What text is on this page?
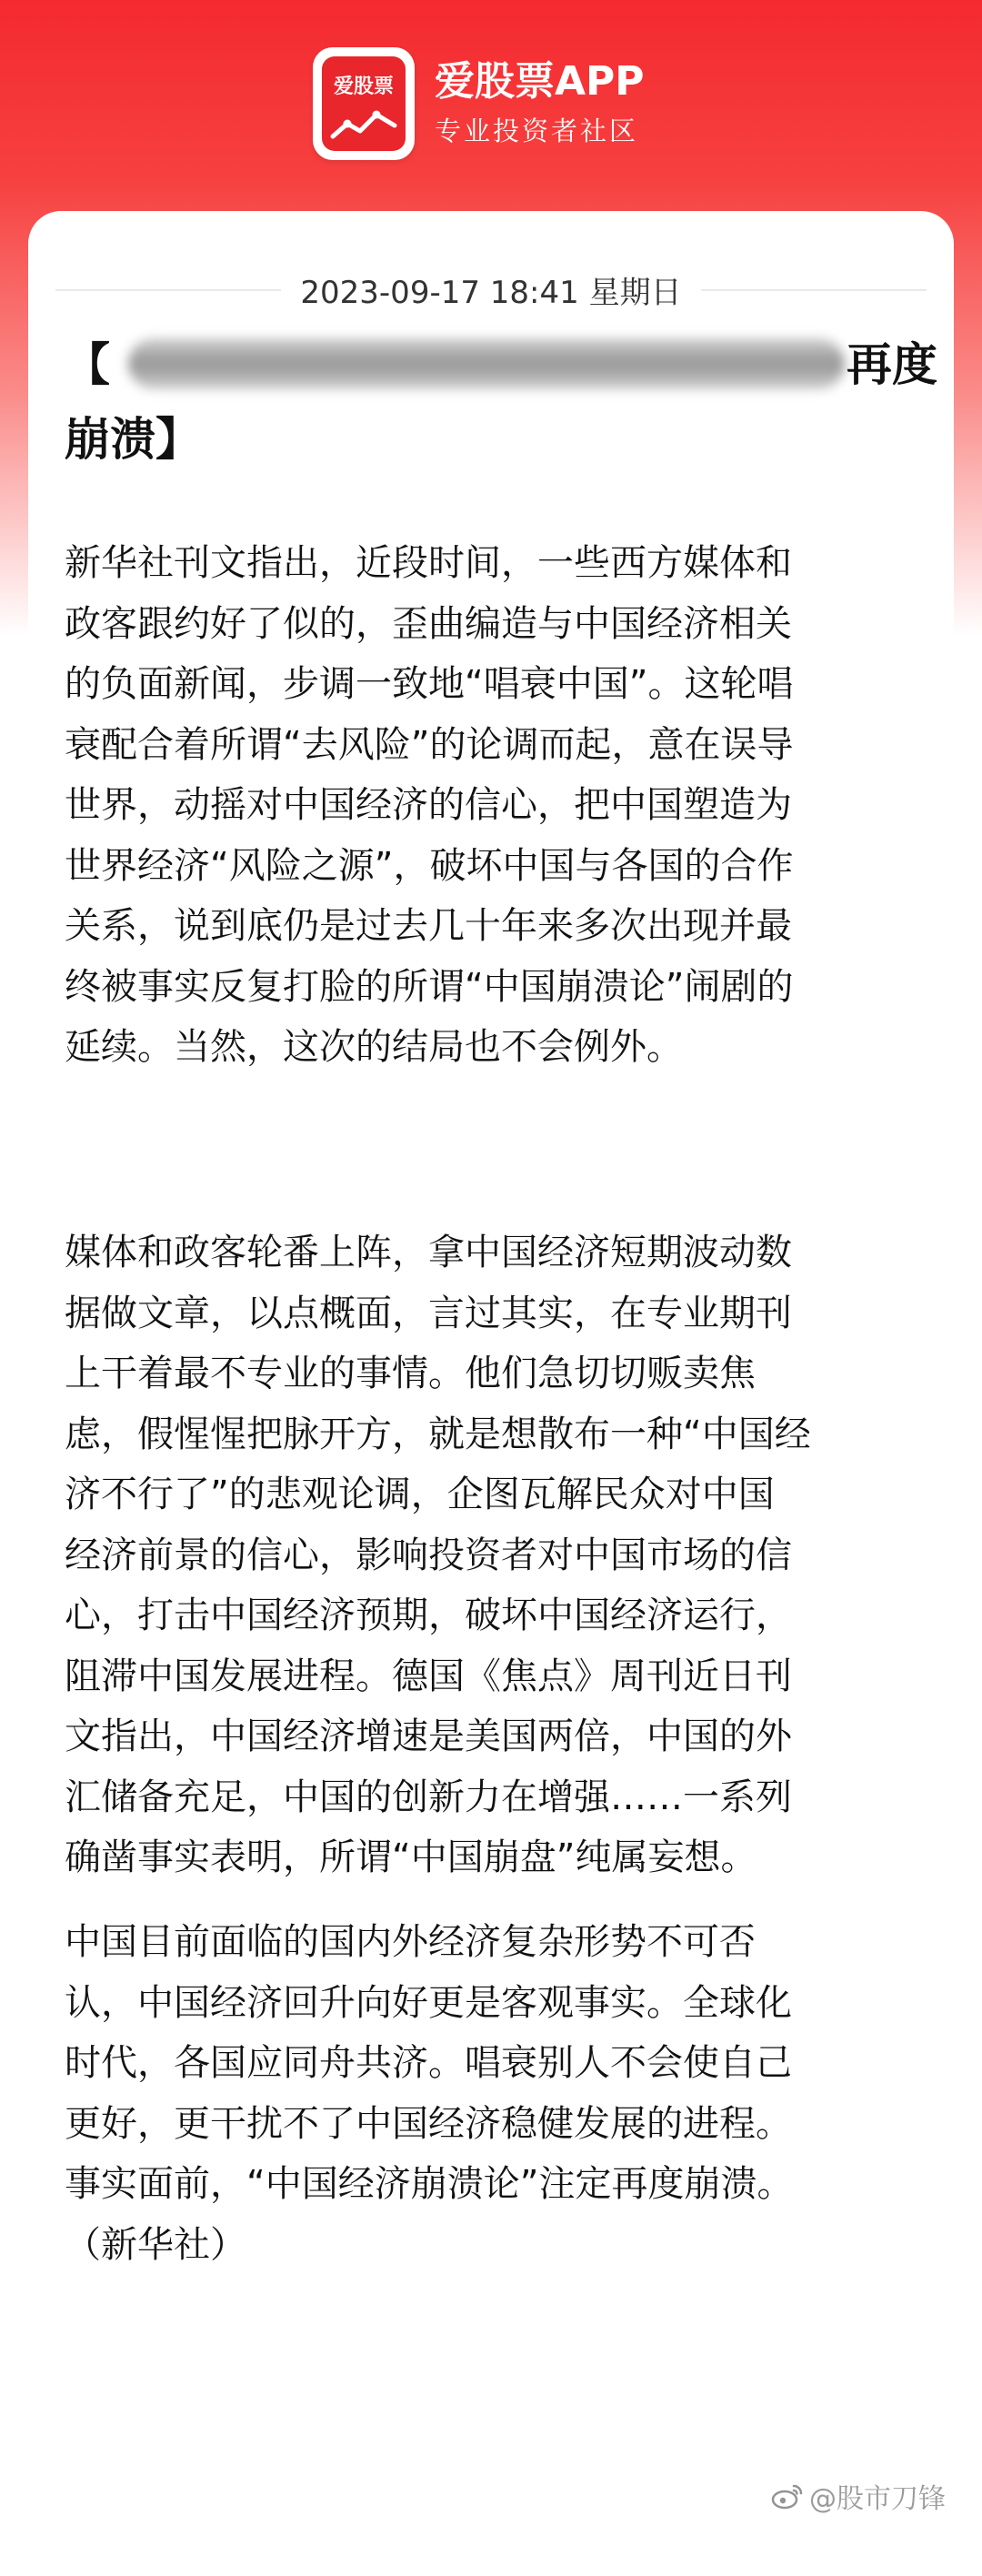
爱股票 爱股票APP
专业投资者社区
2023-09-17 18:41 星期日
【	再度
崩溃】

新华社刊文指出，近段时间，一些西方媒体和
政客跟约好了似的，歪曲编造与中国经济相关
的负面新闻，步调一致地“唱衰中国”。这轮唱
衰配合着所谓“去风险”的论调而起，意在误导
世界，动摇对中国经济的信心，把中国塑造为
世界经济“风险之源”，破坏中国与各国的合作
关系，说到底仍是过去几十年来多次出现并最
终被事实反复打脸的所谓“中国崩溃论”闹剧的
延续。当然，这次的结局也不会例外。

媒体和政客轮番上阵，拿中国经济短期波动数
据做文章，以点概面，言过其实，在专业期刊
上干着最不专业的事情。他们急切切贩卖焦
虑，假惺惺把脉开方，就是想散布一种“中国经
济不行了”的悲观论调，企图瓦解民众对中国
经济前景的信心，影响投资者对中国市场的信
心，打击中国经济预期，破坏中国经济运行，
阻滞中国发展进程。德国《焦点》周刊近日刊
文指出，中国经济增速是美国两倍，中国的外
汇储备充足，中国的创新力在增强……一系列
确凿事实表明，所谓“中国崩盘”纯属妄想。

中国目前面临的国内外经济复杂形势不可否
认，中国经济回升向好更是客观事实。全球化
时代，各国应同舟共济。唱衰别人不会使自己
更好，更干扰不了中国经济稳健发展的进程。
事实面前，“中国经济崩溃论”注定再度崩溃。
（新华社）

@股市刀锋
